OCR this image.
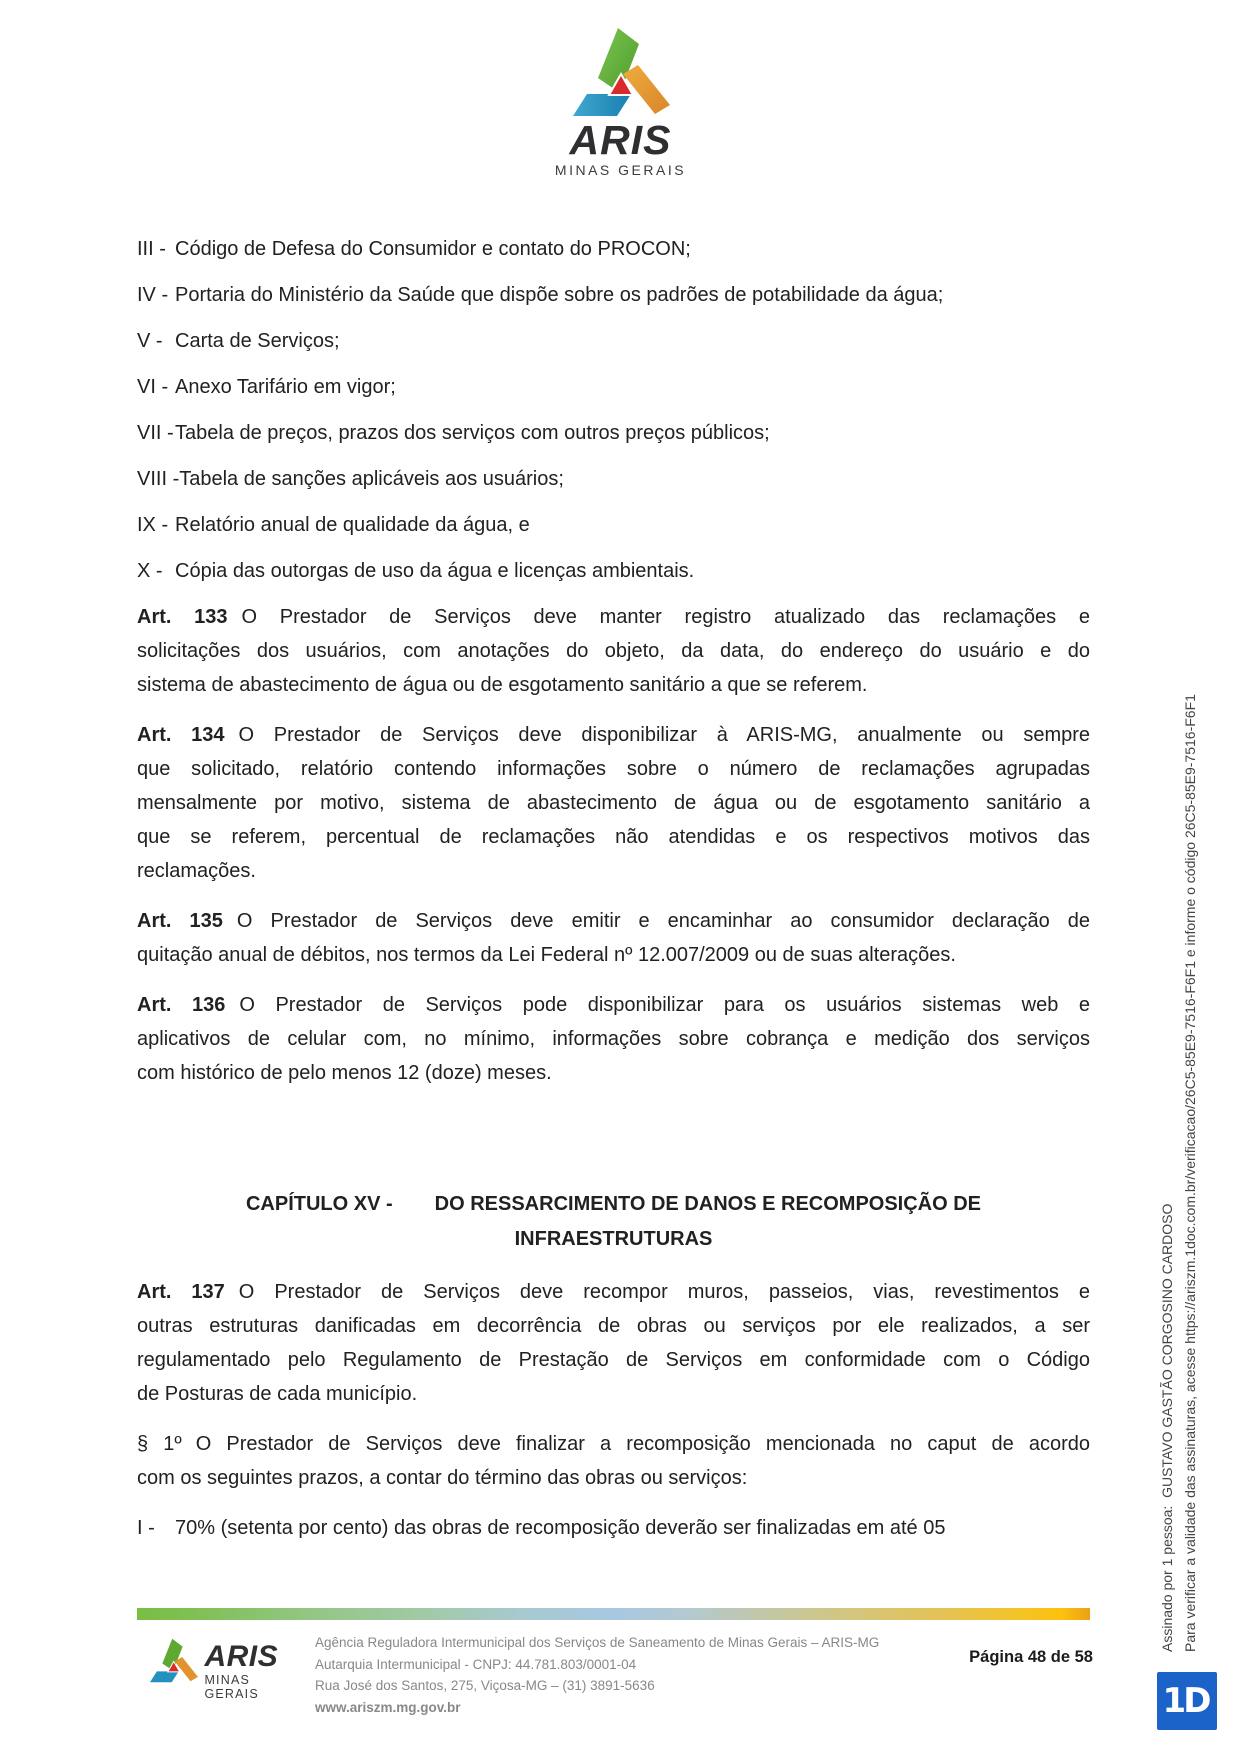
ARIS
MINAS GERAIS
III - Código de Defesa do Consumidor e contato do PROCON;
IV - Portaria do Ministério da Saúde que dispõe sobre os padrões de potabilidade da água;
V - Carta de Serviços;
VI - Anexo Tarifário em vigor;
VII -Tabela de preços, prazos dos serviços com outros preços públicos;
VIII -Tabela de sanções aplicáveis aos usuários;
IX - Relatório anual de qualidade da água, e
X - Cópia das outorgas de uso da água e licenças ambientais.
Art. 133 O Prestador de Serviços deve manter registro atualizado das reclamações e
solicitações dos usuários, com anotações do objeto, da data, do endereço do usuário e do
sistema de abastecimento de água ou de esgotamento sanitário a que se referem.
Art. 134 O Prestador de Serviços deve disponibilizar à ARIS-MG, anualmente ou sempre
que solicitado, relatório contendo informações sobre o número de reclamações agrupadas
mensalmente por motivo, sistema de abastecimento de água ou de esgotamento sanitário a
que se referem, percentual de reclamações não atendidas e os respectivos motivos das
reclamações.
Art. 135 O Prestador de Serviços deve emitir e encaminhar ao consumidor declaração de
quitação anual de débitos, nos termos da Lei Federal nº 12.007/2009 ou de suas alterações.
Art. 136 O Prestador de Serviços pode disponibilizar para os usuários sistemas web e
aplicativos de celular com, no mínimo, informações sobre cobrança e medição dos serviços
com histórico de pelo menos 12 (doze) meses.
CAPÍTULO XV - DO RESSARCIMENTO DE DANOS E RECOMPOSIÇÃO DE
INFRAESTRUTURAS
Art. 137 O Prestador de Serviços deve recompor muros, passeios, vias, revestimentos e
outras estruturas danificadas em decorrência de obras ou serviços por ele realizados, a ser
regulamentado pelo Regulamento de Prestação de Serviços em conformidade com o Código
de Posturas de cada município.
§ 1º O Prestador de Serviços deve finalizar a recomposição mencionada no caput de acordo
com os seguintes prazos, a contar do término das obras ou serviços:
I - 70% (setenta por cento) das obras de recomposição deverão ser finalizadas em até 05
ARIS
MINAS GERAIS
Agência Reguladora Intermunicipal dos Serviços de Saneamento de Minas Gerais – ARIS-MG
Autarquia Intermunicipal - CNPJ: 44.781.803/0001-04
Rua José dos Santos, 275, Viçosa-MG – (31) 3891-5636
www.ariszm.mg.gov.br
Página 48 de 58
Assinado por 1 pessoa:  GUSTAVO GASTÃO CORGOSINO CARDOSO Para verificar a validade das assinaturas, acesse https://ariszm.1doc.com.br/verificacao/26C5-85E9-7516-F6F1 e informe o código 26C5-85E9-7516-F6F1
1D
